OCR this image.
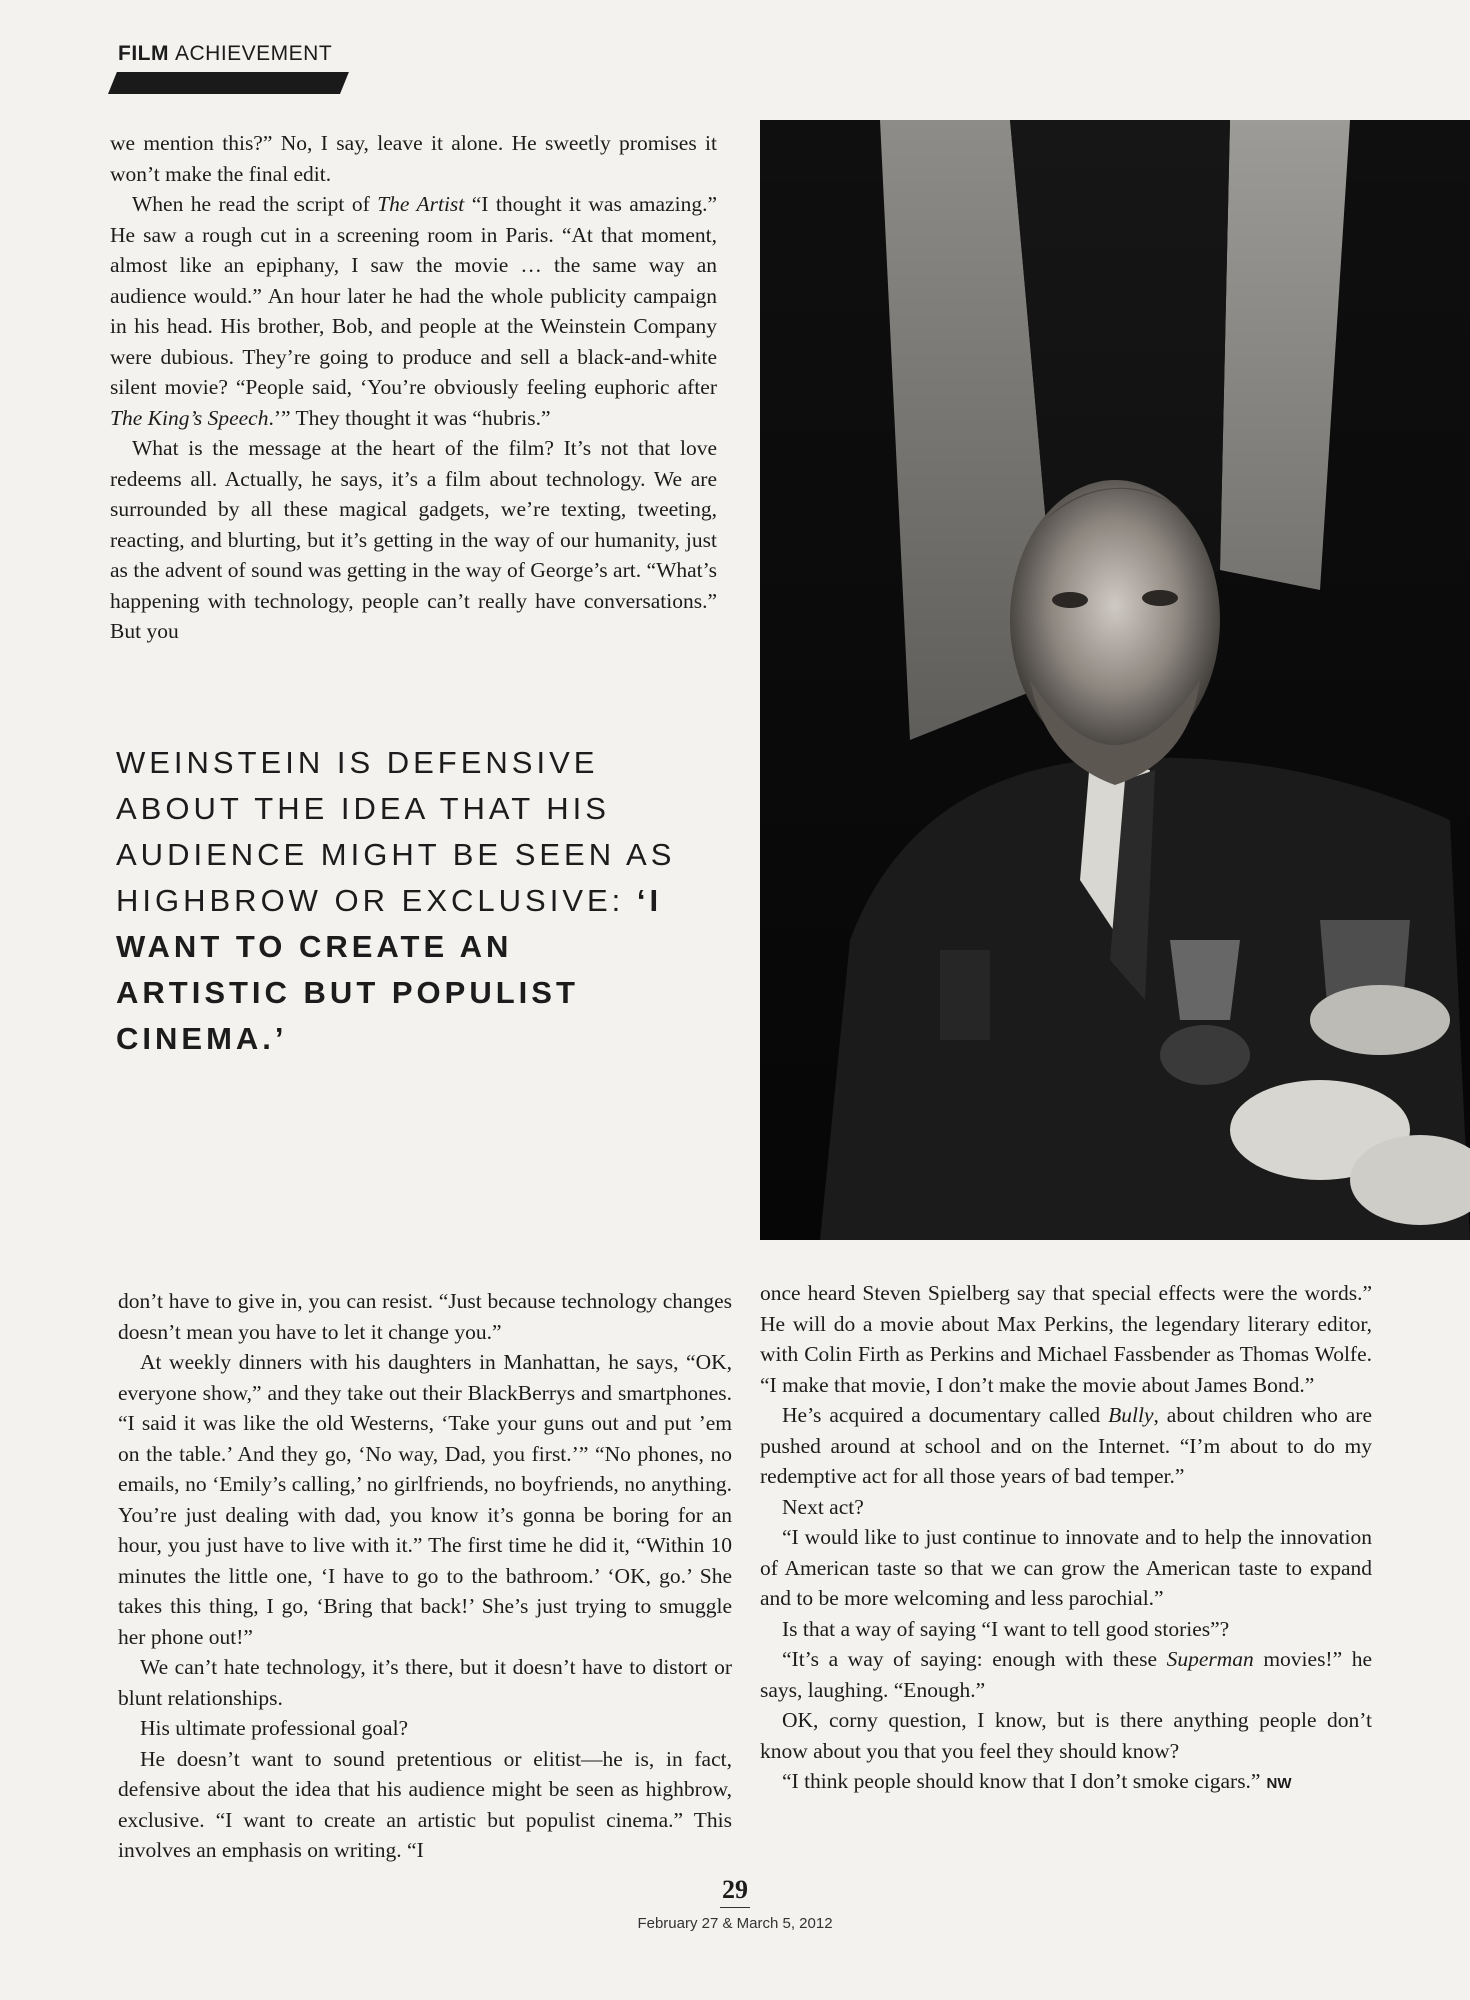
FILM ACHIEVEMENT

we mention this?” No, I say, leave it alone. He sweetly promises it won’t make the final edit.

When he read the script of The Artist “I thought it was amazing.” He saw a rough cut in a screening room in Paris. “At that moment, almost like an epiphany, I saw the movie … the same way an audience would.” An hour later he had the whole publicity campaign in his head. His brother, Bob, and people at the Weinstein Company were dubious. They’re going to produce and sell a black-and-white silent movie? “People said, ‘You’re obviously feeling euphoric after The King’s Speech.’” They thought it was “hubris.”

What is the message at the heart of the film? It’s not that love redeems all. Actually, he says, it’s a film about technology. We are surrounded by all these magical gadgets, we’re texting, tweeting, reacting, and blurting, but it’s getting in the way of our humanity, just as the advent of sound was getting in the way of George’s art. “What’s happening with technology, people can’t really have conversations.” But you

WEINSTEIN IS DEFENSIVE ABOUT THE IDEA THAT HIS AUDIENCE MIGHT BE SEEN AS HIGHBROW OR EXCLUSIVE: ‘I WANT TO CREATE AN ARTISTIC BUT POPULIST CINEMA.’

don’t have to give in, you can resist. “Just because technology changes doesn’t mean you have to let it change you.”

At weekly dinners with his daughters in Manhattan, he says, “OK, everyone show,” and they take out their BlackBerrys and smartphones. “I said it was like the old Westerns, ‘Take your guns out and put ’em on the table.’ And they go, ‘No way, Dad, you first.’” “No phones, no emails, no ‘Emily’s calling,’ no girlfriends, no boyfriends, no anything. You’re just dealing with dad, you know it’s gonna be boring for an hour, you just have to live with it.” The first time he did it, “Within 10 minutes the little one, ‘I have to go to the bathroom.’ ‘OK, go.’ She takes this thing, I go, ‘Bring that back!’ She’s just trying to smuggle her phone out!”

We can’t hate technology, it’s there, but it doesn’t have to distort or blunt relationships.

His ultimate professional goal?

He doesn’t want to sound pretentious or elitist—he is, in fact, defensive about the idea that his audience might be seen as highbrow, exclusive. “I want to create an artistic but populist cinema.” This involves an emphasis on writing. “I

once heard Steven Spielberg say that special effects were the words.” He will do a movie about Max Perkins, the legendary literary editor, with Colin Firth as Perkins and Michael Fassbender as Thomas Wolfe. “I make that movie, I don’t make the movie about James Bond.”

He’s acquired a documentary called Bully, about children who are pushed around at school and on the Internet. “I’m about to do my redemptive act for all those years of bad temper.”

Next act?

“I would like to just continue to innovate and to help the innovation of American taste so that we can grow the American taste to expand and to be more welcoming and less parochial.”

Is that a way of saying “I want to tell good stories”?

“It’s a way of saying: enough with these Superman movies!” he says, laughing. “Enough.”

OK, corny question, I know, but is there anything people don’t know about you that you feel they should know?

“I think people should know that I don’t smoke cigars.” NW

29
February 27 & March 5, 2012
